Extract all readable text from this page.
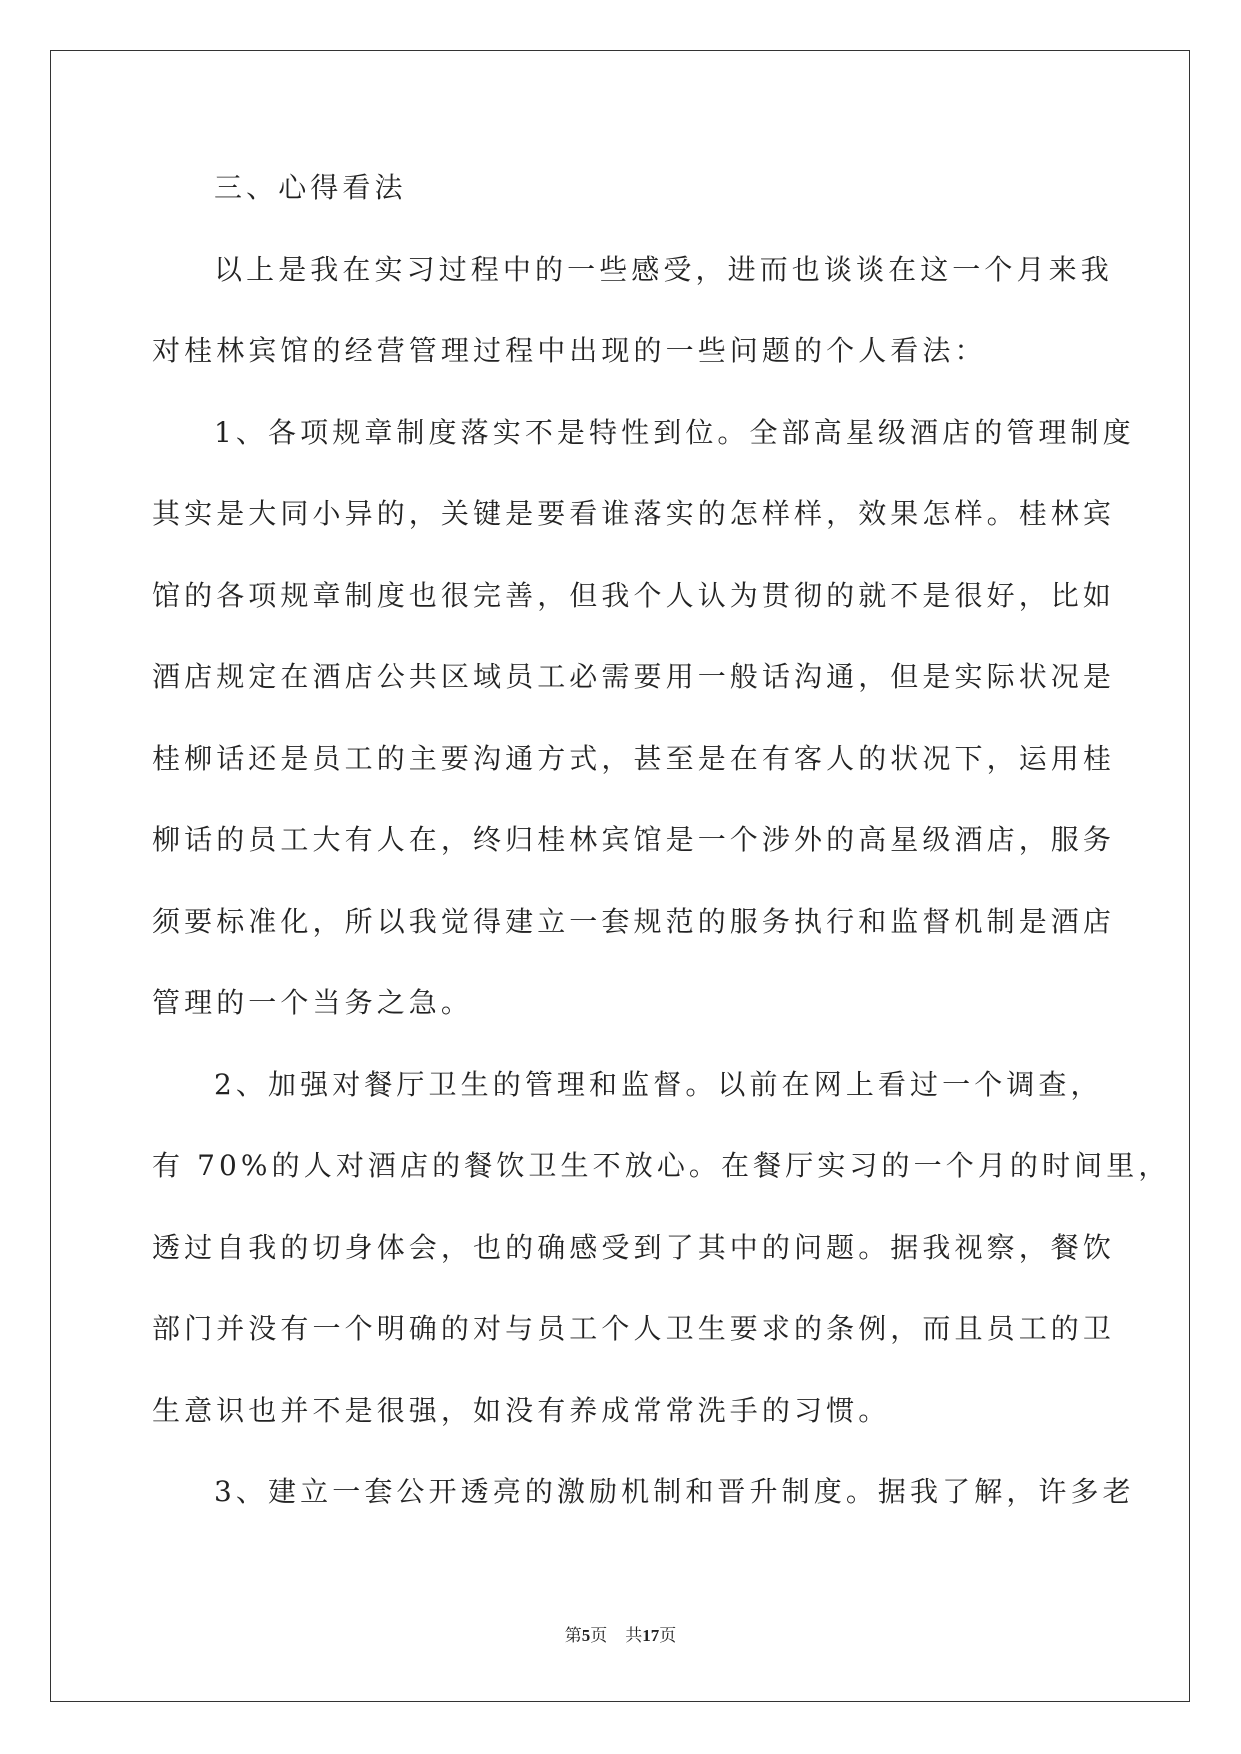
三、心得看法
以上是我在实习过程中的一些感受，进而也谈谈在这一个月来我
对桂林宾馆的经营管理过程中出现的一些问题的个人看法：
1、各项规章制度落实不是特性到位。全部高星级酒店的管理制度
其实是大同小异的，关键是要看谁落实的怎样样，效果怎样。桂林宾
馆的各项规章制度也很完善，但我个人认为贯彻的就不是很好，比如
酒店规定在酒店公共区域员工必需要用一般话沟通，但是实际状况是
桂柳话还是员工的主要沟通方式，甚至是在有客人的状况下，运用桂
柳话的员工大有人在，终归桂林宾馆是一个涉外的高星级酒店，服务
须要标准化，所以我觉得建立一套规范的服务执行和监督机制是酒店
管理的一个当务之急。
2、加强对餐厅卫生的管理和监督。以前在网上看过一个调查，
有 70%的人对酒店的餐饮卫生不放心。在餐厅实习的一个月的时间里，
透过自我的切身体会，也的确感受到了其中的问题。据我视察，餐饮
部门并没有一个明确的对与员工个人卫生要求的条例，而且员工的卫
生意识也并不是很强，如没有养成常常洗手的习惯。
3、建立一套公开透亮的激励机制和晋升制度。据我了解，许多老
第5页 共17页
